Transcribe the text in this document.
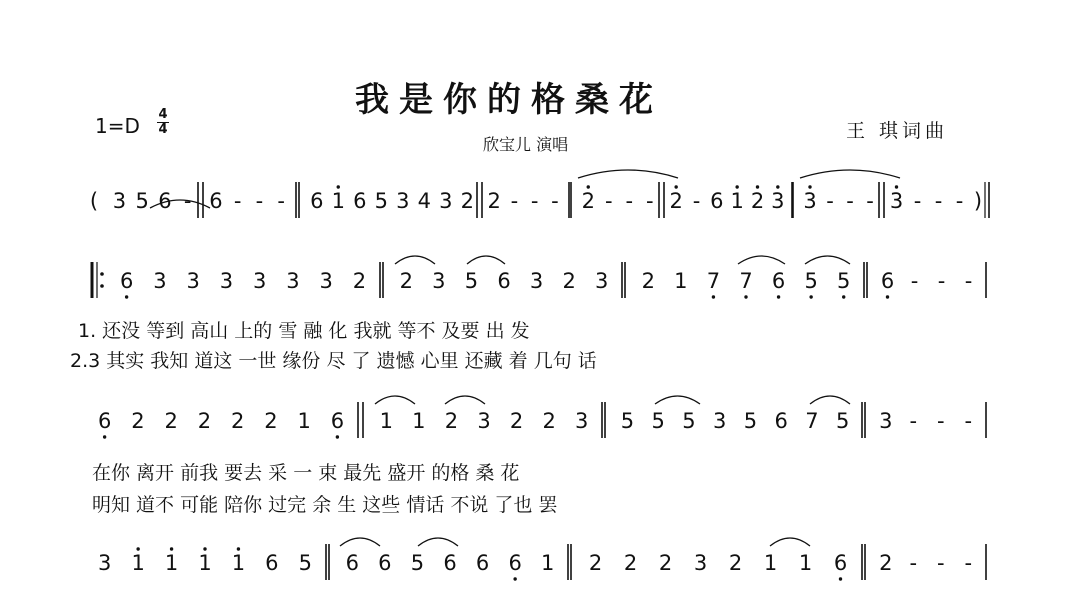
我是你的格桑花
1=D 4
4
欣宝儿 演唱
王 琪词曲
( 3 5 6 - 6 - - - 6 1 6 5 3 4 3 2 2 - - - 2 - - - 2 - 6 1 2 3 3 - - - 3 - - - )
6 3 3 3 3 3 3 2 2 3 5 6 3 2 3 2 1 7 7 6 5 5 6 - - -
6 2 2 2 2 2 1 6 1 1 2 3 2 2 3 5 5 5 3 5 6 7 5 3 - - -
3 1 1 1 1 6 5 6 6 5 6 6 6 1 2 2 2 3 2 1 1 6 2 - - -
1. 还没 等到 高山 上的 雪 融 化 我就 等不 及要 出 发
2.3 其实 我知 道这 一世 缘份 尽 了 遗憾 心里 还藏 着 几句 话
在你 离开 前我 要去 采 一 束 最先 盛开 的格 桑 花
明知 道不 可能 陪你 过完 余 生 这些 情话 不说 了也 罢
